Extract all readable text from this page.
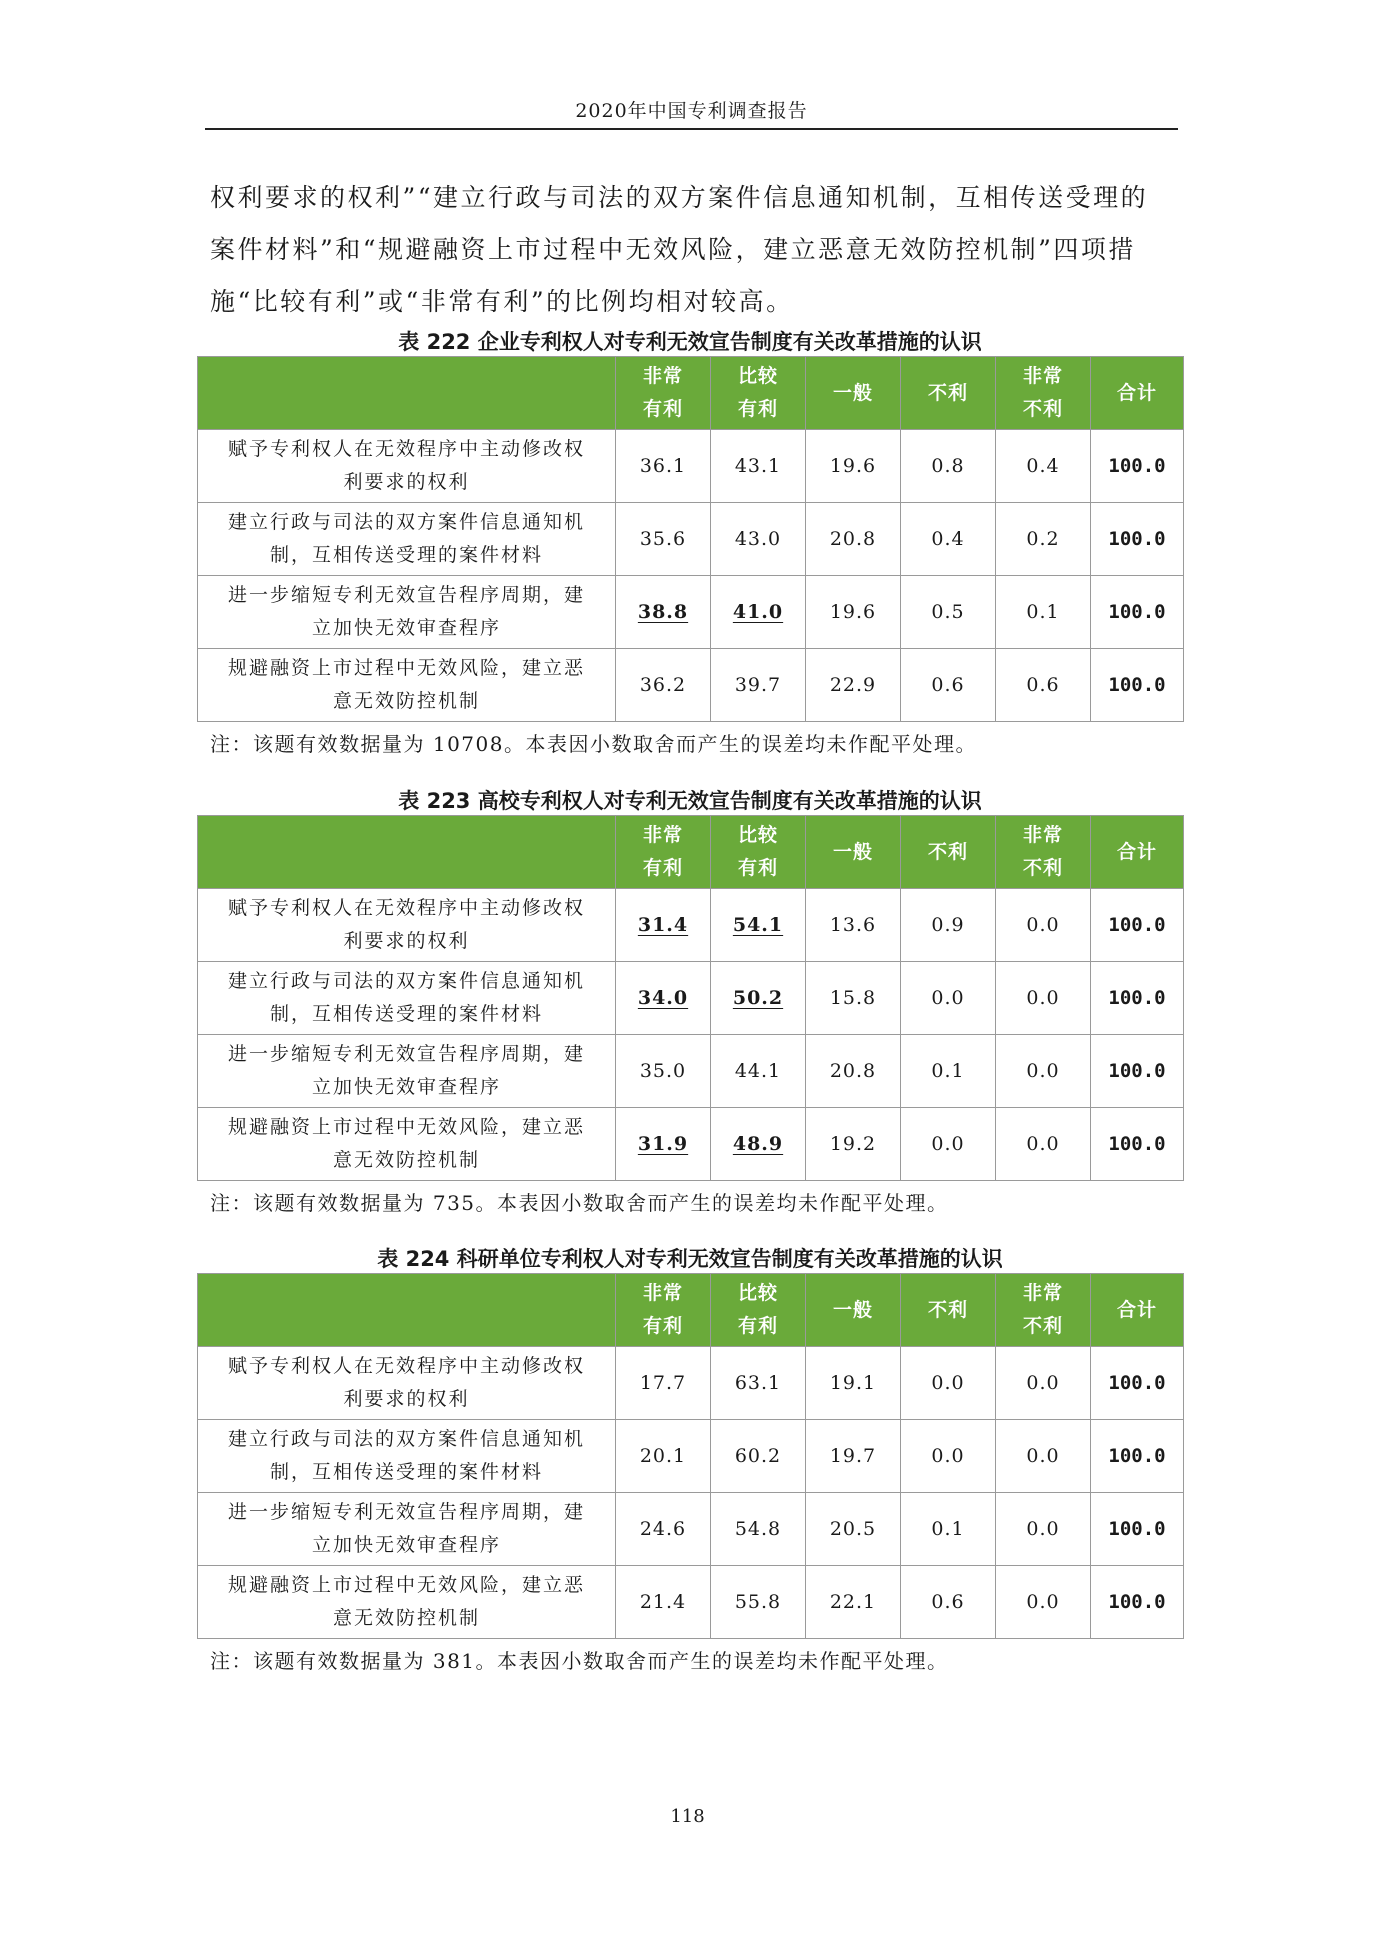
2020年中国专利调查报告

权利要求的权利”“建立行政与司法的双方案件信息通知机制，互相传送受理的
案件材料”和“规避融资上市过程中无效风险，建立恶意无效防控机制”四项措
施“比较有利”或“非常有利”的比例均相对较高。

表 222 企业专利权人对专利无效宣告制度有关改革措施的认识
	非常
有利	比较
有利	一般	不利	非常
不利	合计
赋予专利权人在无效程序中主动修改权
利要求的权利	36.1	43.1	19.6	0.8	0.4	100.0
建立行政与司法的双方案件信息通知机
制，互相传送受理的案件材料	35.6	43.0	20.8	0.4	0.2	100.0
进一步缩短专利无效宣告程序周期，建
立加快无效审查程序	38.8	41.0	19.6	0.5	0.1	100.0
规避融资上市过程中无效风险，建立恶
意无效防控机制	36.2	39.7	22.9	0.6	0.6	100.0
注：该题有效数据量为 10708。本表因小数取舍而产生的误差均未作配平处理。
表 223 高校专利权人对专利无效宣告制度有关改革措施的认识
	非常
有利	比较
有利	一般	不利	非常
不利	合计
赋予专利权人在无效程序中主动修改权
利要求的权利	31.4	54.1	13.6	0.9	0.0	100.0
建立行政与司法的双方案件信息通知机
制，互相传送受理的案件材料	34.0	50.2	15.8	0.0	0.0	100.0
进一步缩短专利无效宣告程序周期，建
立加快无效审查程序	35.0	44.1	20.8	0.1	0.0	100.0
规避融资上市过程中无效风险，建立恶
意无效防控机制	31.9	48.9	19.2	0.0	0.0	100.0
注：该题有效数据量为 735。本表因小数取舍而产生的误差均未作配平处理。
表 224 科研单位专利权人对专利无效宣告制度有关改革措施的认识
	非常
有利	比较
有利	一般	不利	非常
不利	合计
赋予专利权人在无效程序中主动修改权
利要求的权利	17.7	63.1	19.1	0.0	0.0	100.0
建立行政与司法的双方案件信息通知机
制，互相传送受理的案件材料	20.1	60.2	19.7	0.0	0.0	100.0
进一步缩短专利无效宣告程序周期，建
立加快无效审查程序	24.6	54.8	20.5	0.1	0.0	100.0
规避融资上市过程中无效风险，建立恶
意无效防控机制	21.4	55.8	22.1	0.6	0.0	100.0
注：该题有效数据量为 381。本表因小数取舍而产生的误差均未作配平处理。
118
